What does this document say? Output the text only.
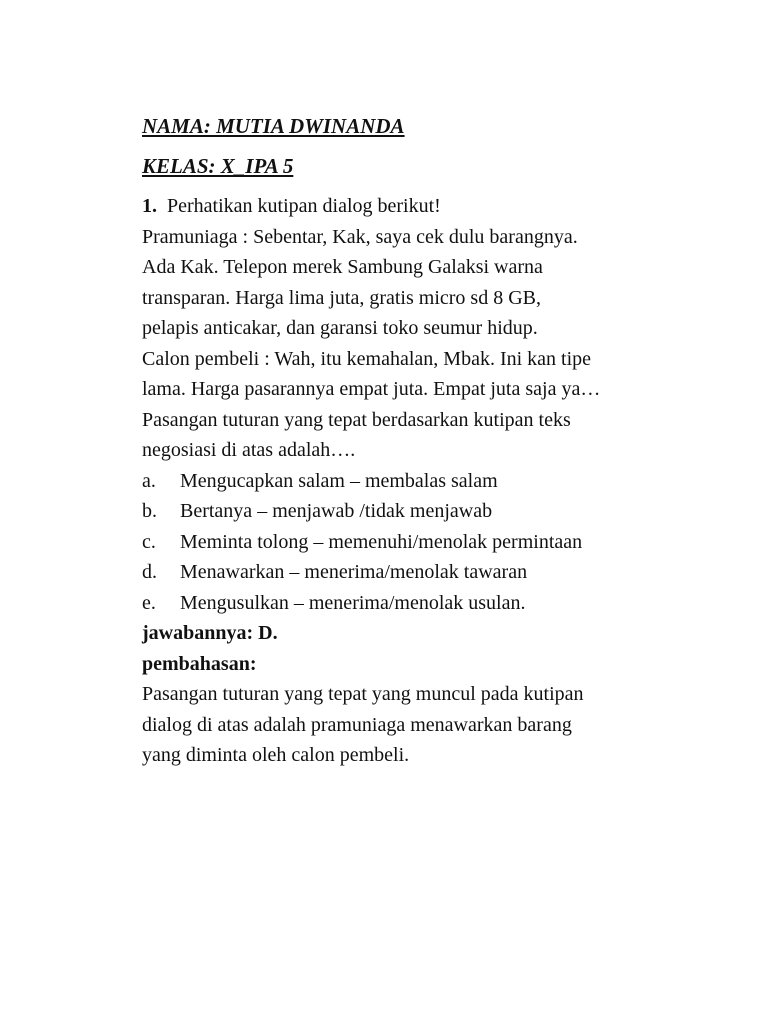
NAMA: MUTIA DWINANDA
KELAS: X_IPA 5
1. Perhatikan kutipan dialog berikut!
Pramuniaga : Sebentar, Kak, saya cek dulu barangnya.
Ada Kak. Telepon merek Sambung Galaksi warna
transparan. Harga lima juta, gratis micro sd 8 GB,
pelapis anticakar, dan garansi toko seumur hidup.
Calon pembeli : Wah, itu kemahalan, Mbak. Ini kan tipe
lama. Harga pasarannya empat juta. Empat juta saja ya…
Pasangan tuturan yang tepat berdasarkan kutipan teks
negosiasi di atas adalah….
a.	Mengucapkan salam – membalas salam
b.	Bertanya – menjawab /tidak menjawab
c.	Meminta tolong – memenuhi/menolak permintaan
d.	Menawarkan – menerima/menolak tawaran
e.	Mengusulkan – menerima/menolak usulan.
jawabannya: D.
pembahasan:
Pasangan tuturan yang tepat yang muncul pada kutipan
dialog di atas adalah pramuniaga menawarkan barang
yang diminta oleh calon pembeli.
